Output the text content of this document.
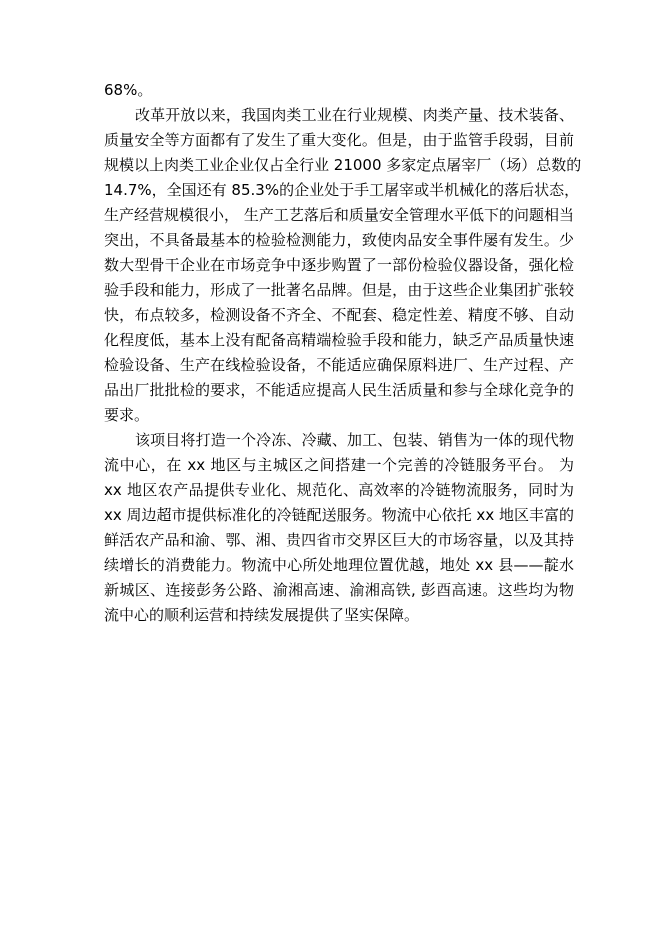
68%。
改革开放以来，我国肉类工业在行业规模、肉类产量、技术装备、
质量安全等方面都有了发生了重大变化。但是，由于监管手段弱，目前
规模以上肉类工业企业仅占全行业 21000 多家定点屠宰厂（场）总数的
14.7%，全国还有 85.3%的企业处于手工屠宰或半机械化的落后状态，
生产经营规模很小， 生产工艺落后和质量安全管理水平低下的问题相当
突出，不具备最基本的检验检测能力，致使肉品安全事件屡有发生。少
数大型骨干企业在市场竞争中逐步购置了一部份检验仪器设备，强化检
验手段和能力，形成了一批著名品牌。但是，由于这些企业集团扩张较
快，布点较多，检测设备不齐全、不配套、稳定性差、精度不够、自动
化程度低，基本上没有配备高精端检验手段和能力，缺乏产品质量快速
检验设备、生产在线检验设备，不能适应确保原料进厂、生产过程、产
品出厂批批检的要求，不能适应提高人民生活质量和参与全球化竞争的
要求。
该项目将打造一个冷冻、冷藏、加工、包装、销售为一体的现代物
流中心，在 xx 地区与主城区之间搭建一个完善的冷链服务平台。 为
xx 地区农产品提供专业化、规范化、高效率的冷链物流服务，同时为
xx 周边超市提供标准化的冷链配送服务。物流中心依托 xx 地区丰富的
鲜活农产品和渝、鄂、湘、贵四省市交界区巨大的市场容量，以及其持
续增长的消费能力。物流中心所处地理位置优越，地处 xx 县——靛水
新城区、连接彭务公路、渝湘高速、渝湘高铁, 彭酉高速。这些均为物
流中心的顺利运营和持续发展提供了坚实保障。
